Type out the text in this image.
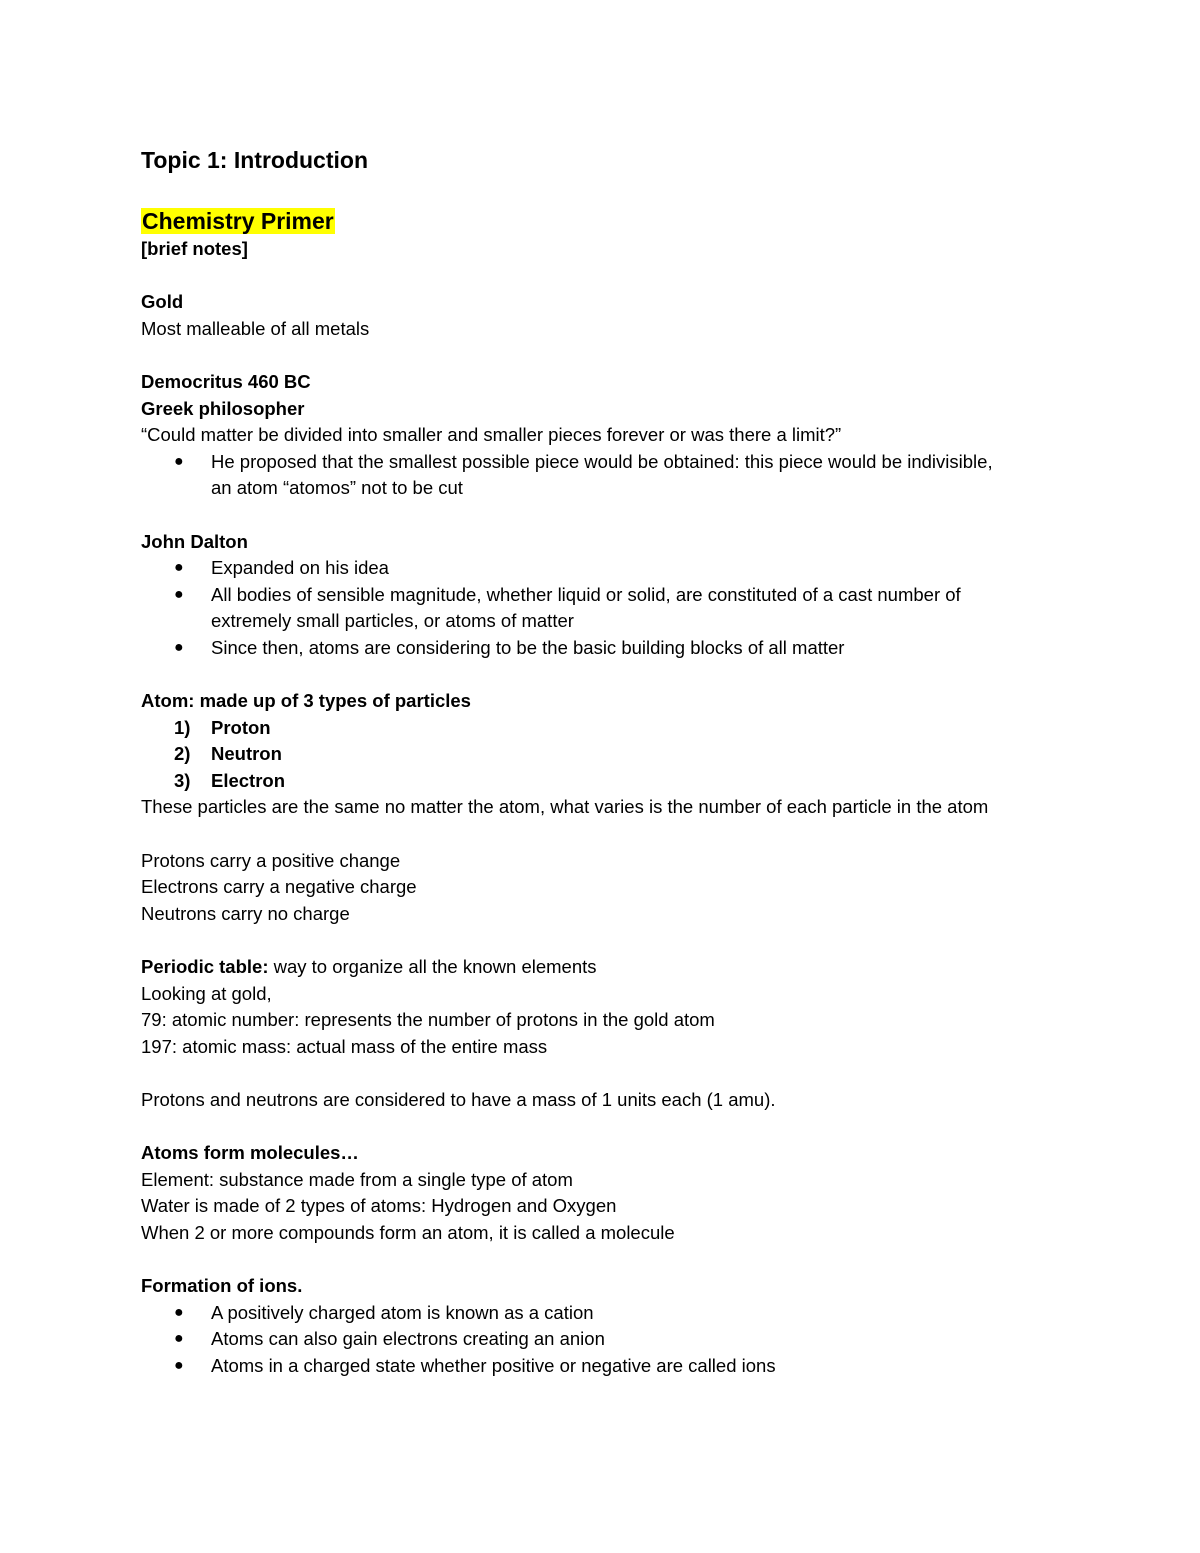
Topic 1: Introduction
Chemistry Primer
[brief notes]
Gold
Most malleable of all metals
Democritus 460 BC
Greek philosopher
“Could matter be divided into smaller and smaller pieces forever or was there a limit?”
● He proposed that the smallest possible piece would be obtained: this piece would be indivisible,
an atom “atomos” not to be cut
John Dalton
● Expanded on his idea
● All bodies of sensible magnitude, whether liquid or solid, are constituted of a cast number of
extremely small particles, or atoms of matter
● Since then, atoms are considering to be the basic building blocks of all matter
Atom: made up of 3 types of particles
1) Proton
2) Neutron
3) Electron
These particles are the same no matter the atom, what varies is the number of each particle in the atom
Protons carry a positive change
Electrons carry a negative charge
Neutrons carry no charge
Periodic table: way to organize all the known elements
Looking at gold,
79: atomic number: represents the number of protons in the gold atom
197: atomic mass: actual mass of the entire mass
Protons and neutrons are considered to have a mass of 1 units each (1 amu).
Atoms form molecules…
Element: substance made from a single type of atom
Water is made of 2 types of atoms: Hydrogen and Oxygen
When 2 or more compounds form an atom, it is called a molecule
Formation of ions.
● A positively charged atom is known as a cation
● Atoms can also gain electrons creating an anion
● Atoms in a charged state whether positive or negative are called ions
